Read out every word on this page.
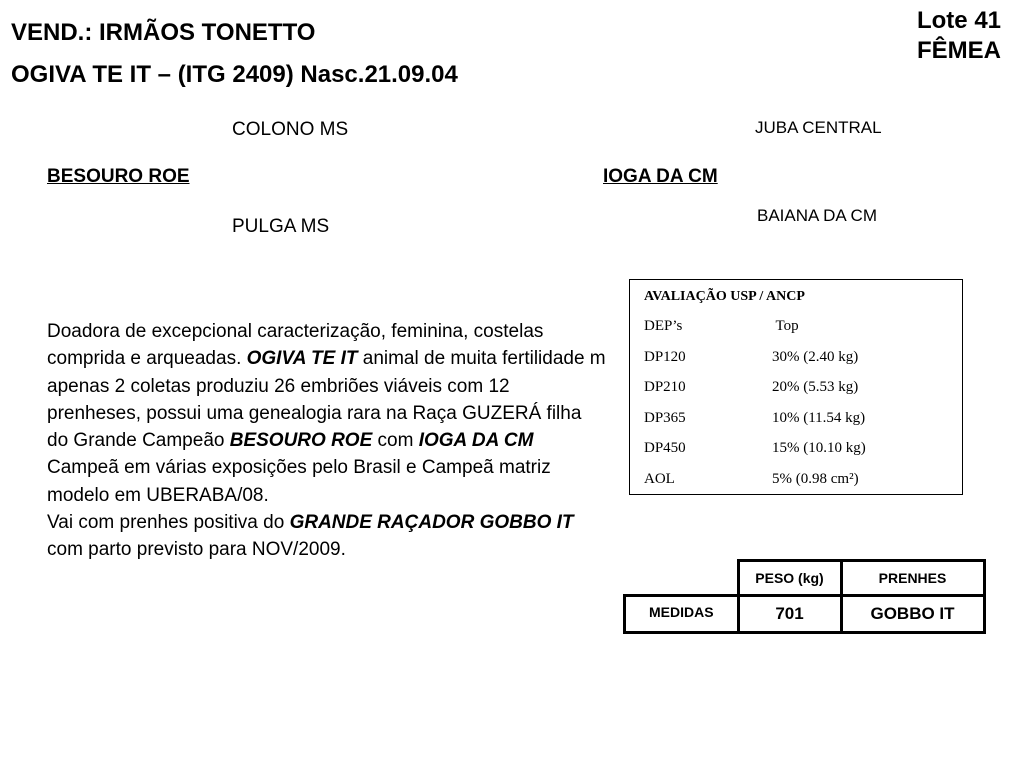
VEND.: IRMÃOS TONETTO
OGIVA TE IT – (ITG 2409) Nasc.21.09.04
Lote 41
FÊMEA
COLONO MS
BESOURO ROE
PULGA MS
JUBA CENTRAL
IOGA DA CM
BAIANA DA CM
Doadora de excepcional caracterização, feminina, costelas comprida e arqueadas. OGIVA TE IT animal de muita fertilidade m apenas 2 coletas produziu 26 embriões viáveis com 12 prenheses, possui uma genealogia rara na Raça GUZERÁ filha do Grande Campeão BESOURO ROE com IOGA DA CM Campeã em várias exposições pelo Brasil e Campeã matriz modelo em UBERABA/08.
Vai com prenhes positiva do GRANDE RAÇADOR GOBBO IT com parto previsto para NOV/2009.
AVALIAÇÃO USP / ANCP
DEP’s	Top
DP120	30% (2.40 kg)
DP210	20% (5.53 kg)
DP365	10% (11.54 kg)
DP450	15% (10.10 kg)
AOL	5% (0.98 cm²)
	PESO (kg)	PRENHES
MEDIDAS	701	GOBBO IT
